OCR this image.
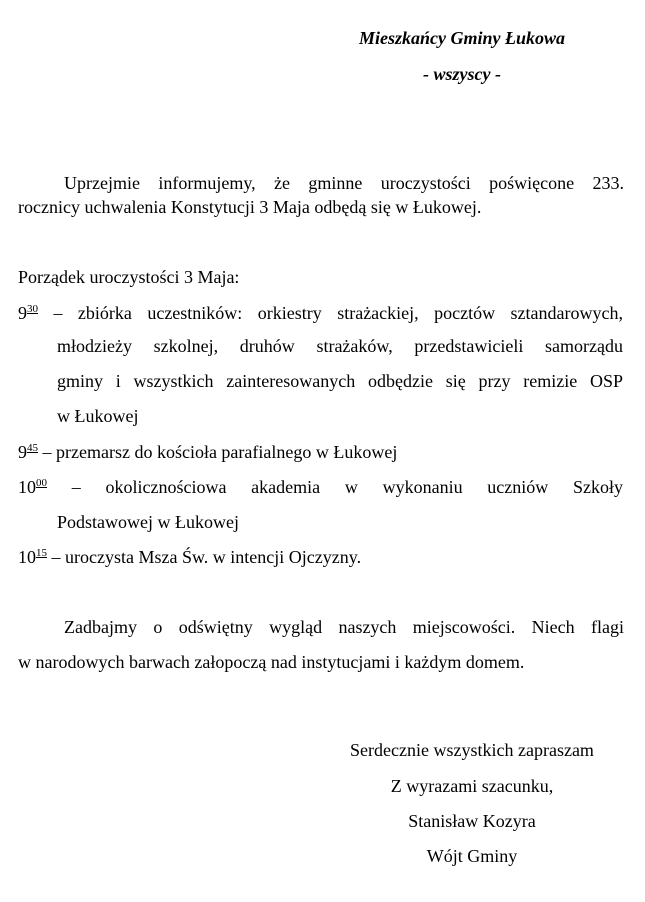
Mieszkańcy Gminy Łukowa
- wszyscy -
Uprzejmie informujemy, że gminne uroczystości poświęcone 233.
rocznicy uchwalenia Konstytucji 3 Maja odbędą się w Łukowej.
Porządek uroczystości 3 Maja:
$9^{30}$ – zbiórka uczestników: orkiestry strażackiej, pocztów sztandarowych,
młodzieży szkolnej, druhów strażaków, przedstawicieli samorządu
gminy i wszystkich zainteresowanych odbędzie się przy remizie OSP
w Łukowej
$9^{45}$ – przemarsz do kościoła parafialnego w Łukowej
$10^{00}$ – okolicznościowa akademia w wykonaniu uczniów Szkoły
Podstawowej w Łukowej
$10^{15}$ – uroczysta Msza Św. w intencji Ojczyzny.
Zadbajmy o odświętny wygląd naszych miejscowości. Niech flagi
w narodowych barwach załopoczą nad instytucjami i każdym domem.
Serdecznie wszystkich zapraszam
Z wyrazami szacunku,
Stanisław Kozyra
Wójt Gminy
